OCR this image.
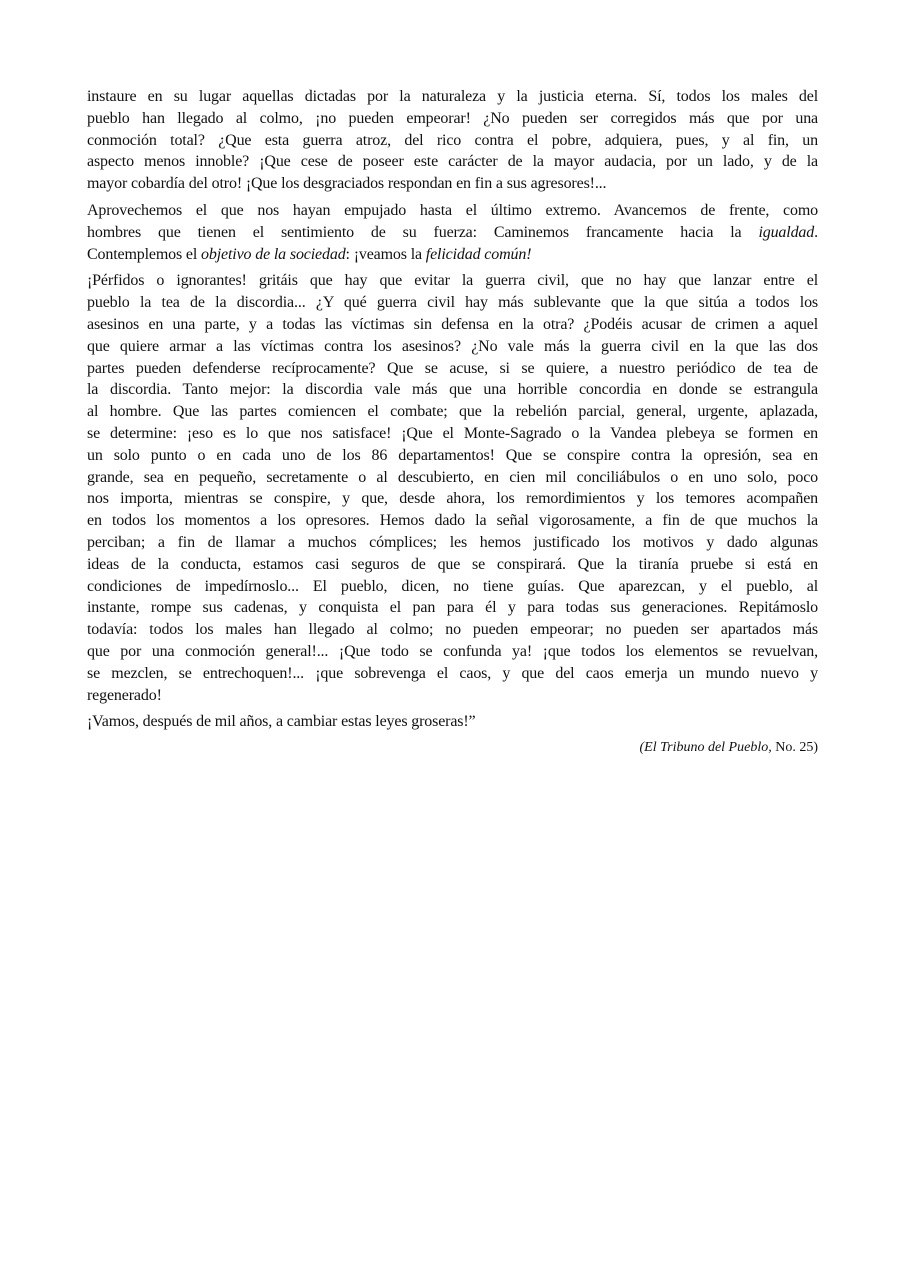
instaure en su lugar aquellas dictadas por la naturaleza y la justicia eterna. Sí, todos los males del
pueblo han llegado al colmo, ¡no pueden empeorar! ¿No pueden ser corregidos más que por una
conmoción total? ¿Que esta guerra atroz, del rico contra el pobre, adquiera, pues, y al fin, un
aspecto menos innoble? ¡Que cese de poseer este carácter de la mayor audacia, por un lado, y de la
mayor cobardía del otro! ¡Que los desgraciados respondan en fin a sus agresores!...
Aprovechemos el que nos hayan empujado hasta el último extremo. Avancemos de frente, como
hombres que tienen el sentimiento de su fuerza: Caminemos francamente hacia la igualdad.
Contemplemos el objetivo de la sociedad: ¡veamos la felicidad común!
¡Pérfidos o ignorantes! gritáis que hay que evitar la guerra civil, que no hay que lanzar entre el
pueblo la tea de la discordia... ¿Y qué guerra civil hay más sublevante que la que sitúa a todos los
asesinos en una parte, y a todas las víctimas sin defensa en la otra? ¿Podéis acusar de crimen a aquel
que quiere armar a las víctimas contra los asesinos? ¿No vale más la guerra civil en la que las dos
partes pueden defenderse recíprocamente? Que se acuse, si se quiere, a nuestro periódico de tea de
la discordia. Tanto mejor: la discordia vale más que una horrible concordia en donde se estrangula
al hombre. Que las partes comiencen el combate; que la rebelión parcial, general, urgente, aplazada,
se determine: ¡eso es lo que nos satisface! ¡Que el Monte-Sagrado o la Vandea plebeya se formen en
un solo punto o en cada uno de los 86 departamentos! Que se conspire contra la opresión, sea en
grande, sea en pequeño, secretamente o al descubierto, en cien mil conciliábulos o en uno solo, poco
nos importa, mientras se conspire, y que, desde ahora, los remordimientos y los temores acompañen
en todos los momentos a los opresores. Hemos dado la señal vigorosamente, a fin de que muchos la
perciban; a fin de llamar a muchos cómplices; les hemos justificado los motivos y dado algunas
ideas de la conducta, estamos casi seguros de que se conspirará. Que la tiranía pruebe si está en
condiciones de impedírnoslo... El pueblo, dicen, no tiene guías. Que aparezcan, y el pueblo, al
instante, rompe sus cadenas, y conquista el pan para él y para todas sus generaciones. Repitámoslo
todavía: todos los males han llegado al colmo; no pueden empeorar; no pueden ser apartados más
que por una conmoción general!... ¡Que todo se confunda ya! ¡que todos los elementos se revuelvan,
se mezclen, se entrechoquen!... ¡que sobrevenga el caos, y que del caos emerja un mundo nuevo y
regenerado!
¡Vamos, después de mil años, a cambiar estas leyes groseras!”
(El Tribuno del Pueblo, No. 25)
